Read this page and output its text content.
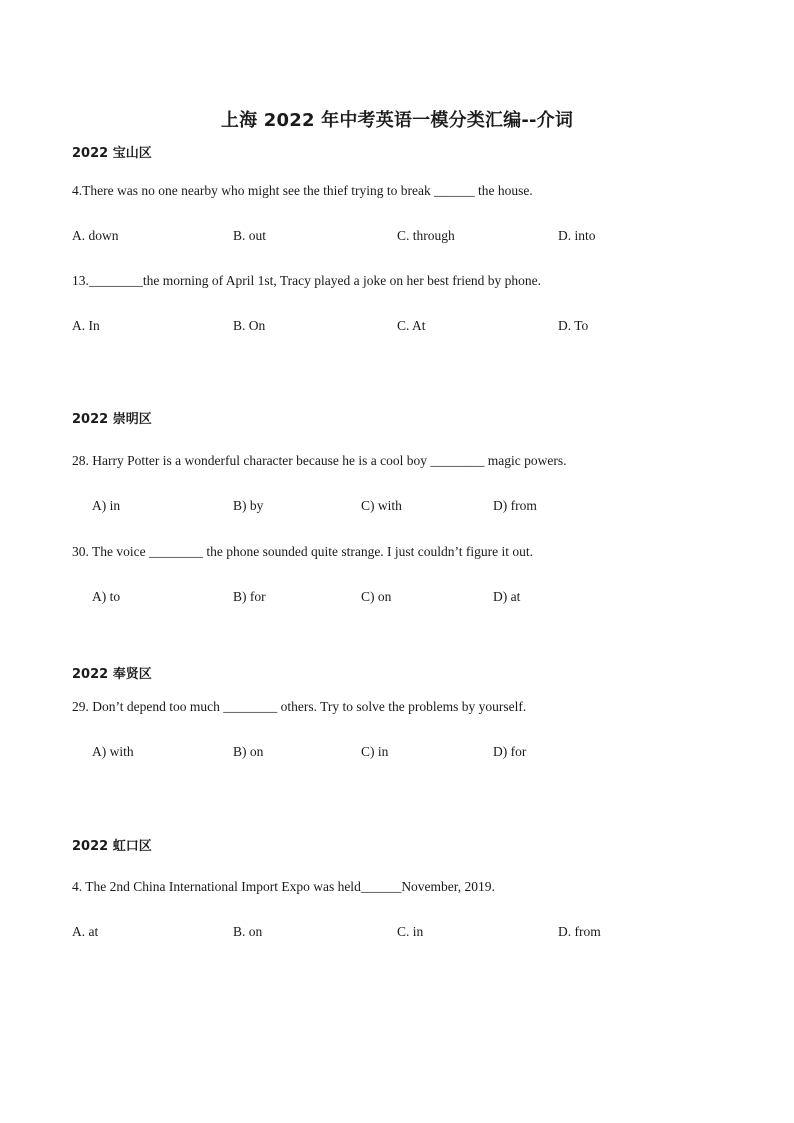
上海 2022 年中考英语一模分类汇编--介词
2022 宝山区
4.There was no one nearby who might see the thief trying to break ______ the house.
A. down	B. out	C. through	D. into
13.________the morning of April 1st, Tracy played a joke on her best friend by phone.
A. In	B. On	C. At	D. To
2022 崇明区
28. Harry Potter is a wonderful character because he is a cool boy ________ magic powers.
A) in	B) by	C) with	D) from
30. The voice ________ the phone sounded quite strange. I just couldn’t figure it out.
A) to	B) for	C) on	D) at
2022 奉贤区
29. Don’t depend too much ________ others. Try to solve the problems by yourself.
A) with	B) on	C) in	D) for
2022 虹口区
4. The 2nd China International Import Expo was held______November, 2019.
A. at	B. on	C. in	D. from
